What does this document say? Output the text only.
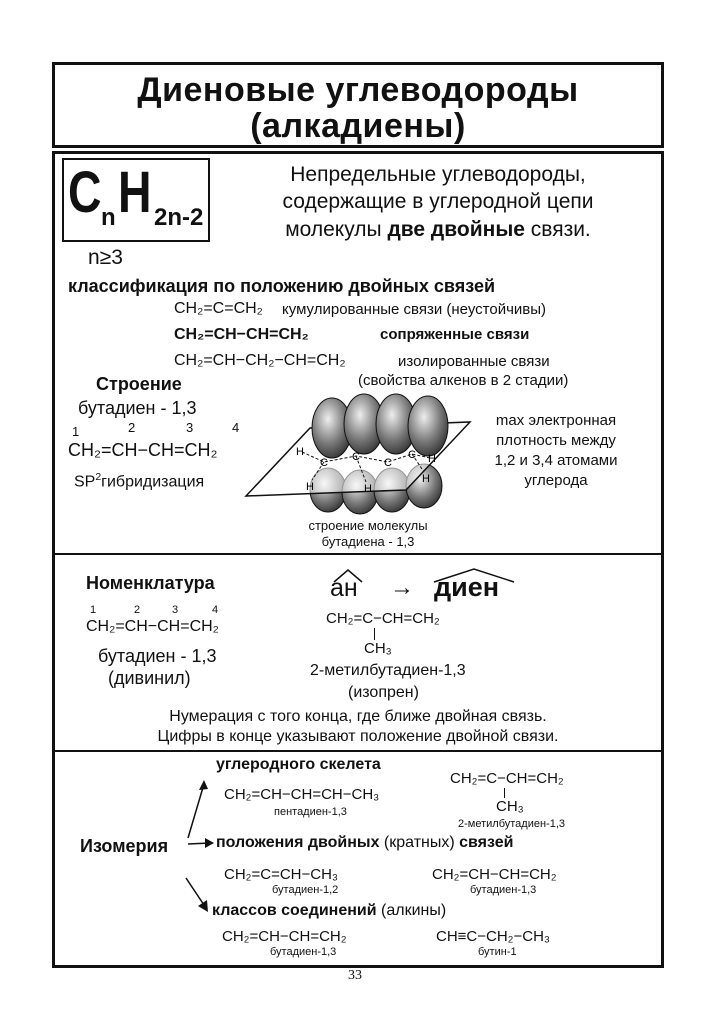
Диеновые углеводороды
(алкадиены)
C n H 2n-2
n≥3
Непредельные углеводороды,
содержащие в углеродной цепи
молекулы две двойные связи.
классификация по положению двойных связей
CH₂=C=CH₂ кумулированные связи (неустойчивы)
CH₂=CH−CH=CH₂	сопряженные связи
CH₂=CH−CH₂−CH=CH₂	изолированные связи
(свойства алкенов в 2 стадии)
Строение
бутадиен - 1,3
1	2	3	4
CH₂=CH−CH=CH₂
$SP^2гибридизация$
H
C C C
C H
H	H
H
max электронная
плотность между
1,2 и 3,4 атомами
углерода
строение молекулы
бутадиена - 1,3
Номенклатура
1	2	3	4
CH₂=CH−CH=CH₂
бутадиен - 1,3
(дивинил)
ан → диен
CH₂=C−CH=CH₂
CH₃
2-метилбутадиен-1,3
(изопрен)
Нумерация с того конца, где ближе двойная связь.
Цифры в конце указывают положение двойной связи.
Изомерия
углеродного скелета
CH₂=CH−CH=CH−CH₃
пентадиен-1,3
CH₂=C−CH=CH₂
CH₃
2-метилбутадиен-1,3
положения двойных (кратных) связей
CH₂=C=CH−CH₃
бутадиен-1,2
CH₂=CH−CH=CH₂
бутадиен-1,3
классов соединений (алкины)
CH₂=CH−CH=CH₂
бутадиен-1,3
CH≡C−CH₂−CH₃
бутин-1
33
